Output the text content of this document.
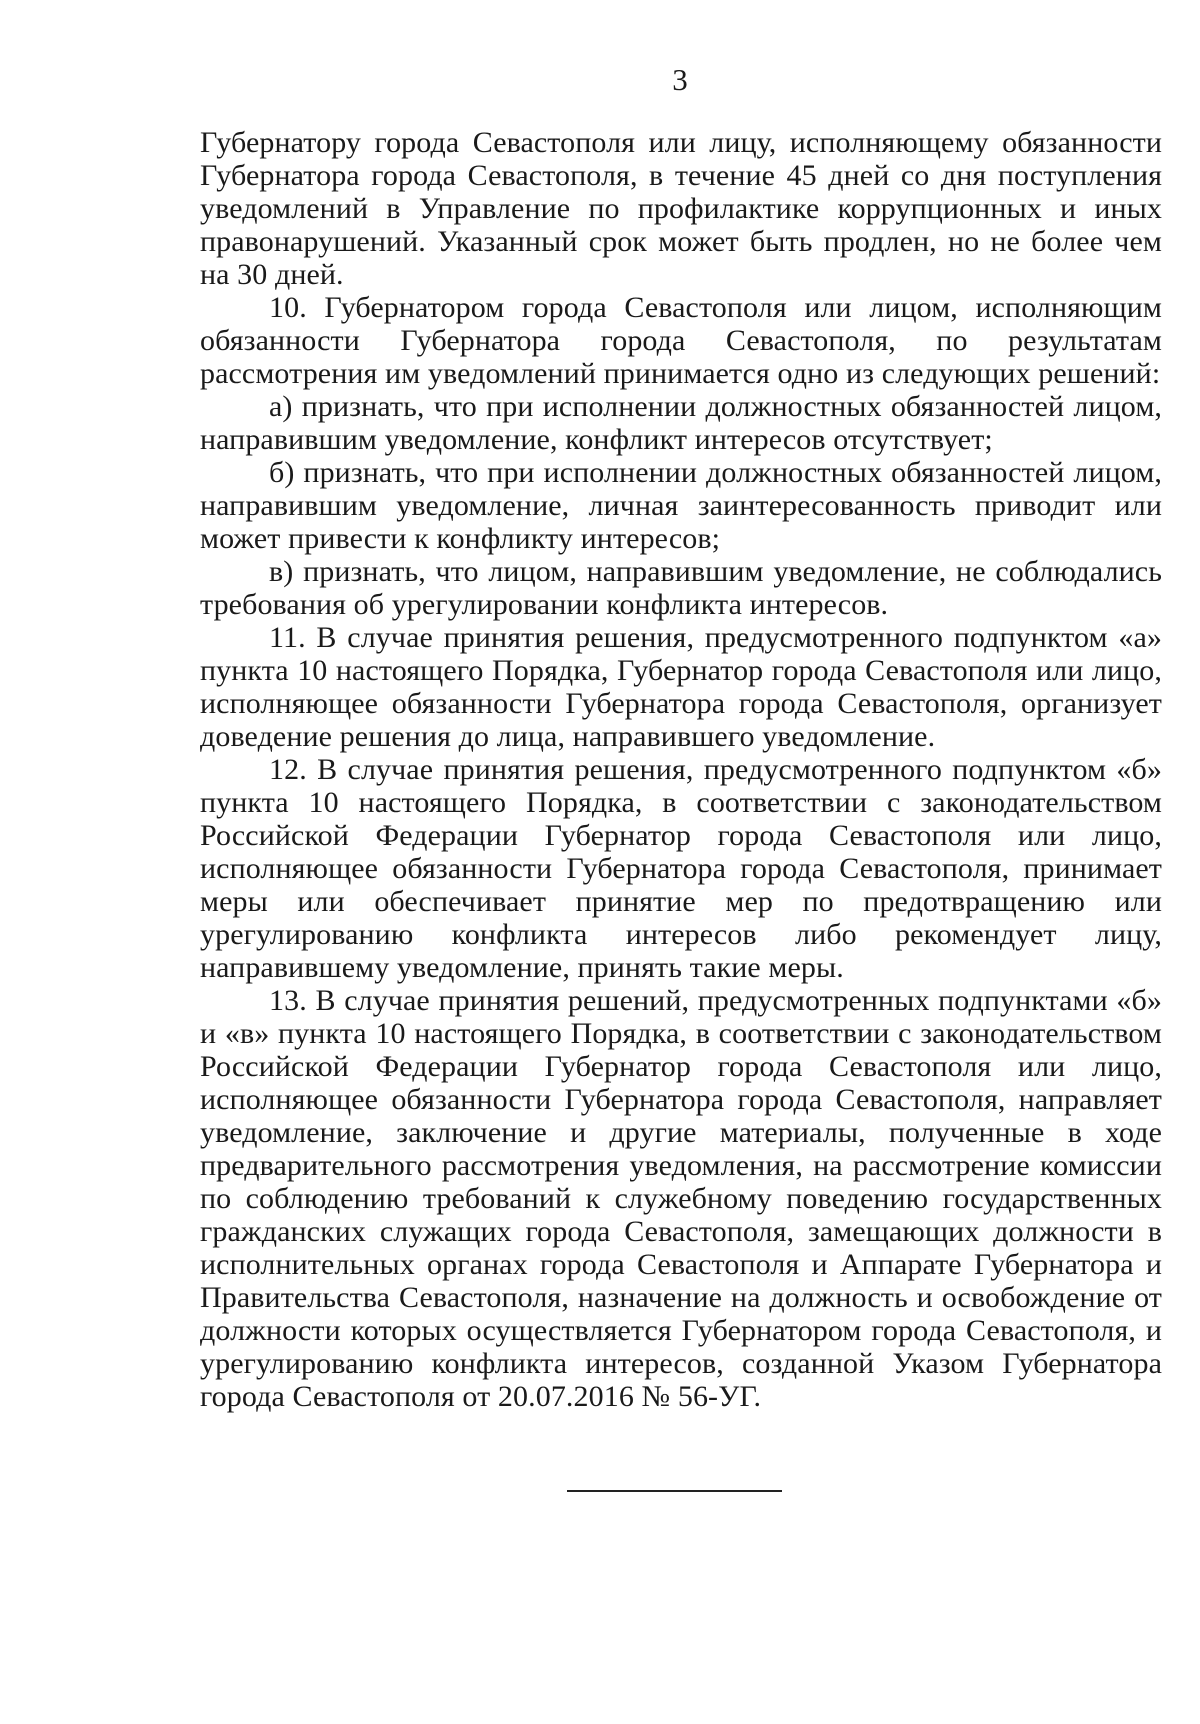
3

Губернатору города Севастополя или лицу, исполняющему обязанности Губернатора города Севастополя, в течение 45 дней со дня поступления уведомлений в Управление по профилактике коррупционных и иных правонарушений. Указанный срок может быть продлен, но не более чем на 30 дней.

10. Губернатором города Севастополя или лицом, исполняющим обязанности Губернатора города Севастополя, по результатам рассмотрения им уведомлений принимается одно из следующих решений:

а) признать, что при исполнении должностных обязанностей лицом, направившим уведомление, конфликт интересов отсутствует;

б) признать, что при исполнении должностных обязанностей лицом, направившим уведомление, личная заинтересованность приводит или может привести к конфликту интересов;

в) признать, что лицом, направившим уведомление, не соблюдались требования об урегулировании конфликта интересов.

11. В случае принятия решения, предусмотренного подпунктом «а» пункта 10 настоящего Порядка, Губернатор города Севастополя или лицо, исполняющее обязанности Губернатора города Севастополя, организует доведение решения до лица, направившего уведомление.

12. В случае принятия решения, предусмотренного подпунктом «б» пункта 10 настоящего Порядка, в соответствии с законодательством Российской Федерации Губернатор города Севастополя или лицо, исполняющее обязанности Губернатора города Севастополя, принимает меры или обеспечивает принятие мер по предотвращению или урегулированию конфликта интересов либо рекомендует лицу, направившему уведомление, принять такие меры.

13. В случае принятия решений, предусмотренных подпунктами «б» и «в» пункта 10 настоящего Порядка, в соответствии с законодательством Российской Федерации Губернатор города Севастополя или лицо, исполняющее обязанности Губернатора города Севастополя, направляет уведомление, заключение и другие материалы, полученные в ходе предварительного рассмотрения уведомления, на рассмотрение комиссии по соблюдению требований к служебному поведению государственных гражданских служащих города Севастополя, замещающих должности в исполнительных органах города Севастополя и Аппарате Губернатора и Правительства Севастополя, назначение на должность и освобождение от должности которых осуществляется Губернатором города Севастополя, и урегулированию конфликта интересов, созданной Указом Губернатора города Севастополя от 20.07.2016 № 56-УГ.
